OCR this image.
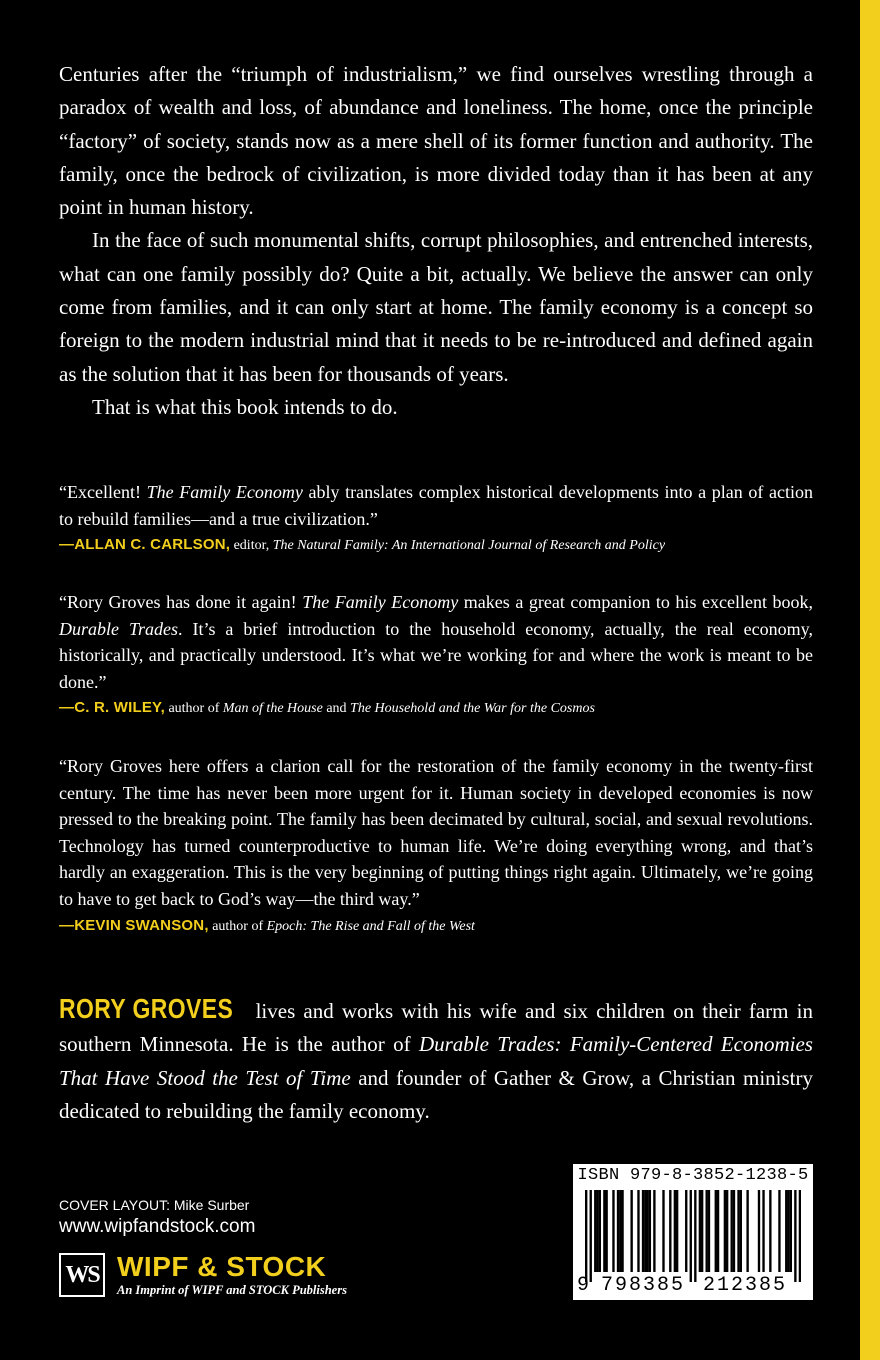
Centuries after the “triumph of industrialism,” we find ourselves wrestling through a paradox of wealth and loss, of abundance and loneliness. The home, once the principle “factory” of society, stands now as a mere shell of its former function and authority. The family, once the bedrock of civilization, is more divided today than it has been at any point in human history.

In the face of such monumental shifts, corrupt philosophies, and entrenched interests, what can one family possibly do? Quite a bit, actually. We believe the answer can only come from families, and it can only start at home. The family economy is a concept so foreign to the modern industrial mind that it needs to be re-introduced and defined again as the solution that it has been for thousands of years.

That is what this book intends to do.

“Excellent! The Family Economy ably translates complex historical developments into a plan of action to rebuild families—and a true civilization.”

—ALLAN C. CARLSON, editor, The Natural Family: An International Journal of Research and Policy

“Rory Groves has done it again! The Family Economy makes a great companion to his excellent book, Durable Trades. It’s a brief introduction to the household economy, actually, the real economy, historically, and practically understood. It’s what we’re working for and where the work is meant to be done.”

—C. R. WILEY, author of Man of the House and The Household and the War for the Cosmos

“Rory Groves here offers a clarion call for the restoration of the family economy in the twenty-first century. The time has never been more urgent for it. Human society in developed economies is now pressed to the breaking point. The family has been decimated by cultural, social, and sexual revolutions. Technology has turned counterproductive to human life. We’re doing everything wrong, and that’s hardly an exaggeration. This is the very beginning of putting things right again. Ultimately, we’re going to have to get back to God’s way—the third way.”

—KEVIN SWANSON, author of Epoch: The Rise and Fall of the West
RORY GROVES lives and works with his wife and six children on their farm in southern Minnesota. He is the author of Durable Trades: Family-Centered Economies That Have Stood the Test of Time and founder of Gather & Grow, a Christian ministry dedicated to rebuilding the family economy.
COVER LAYOUT: Mike Surber
www.wipfandstock.com
WS WIPF & STOCK
An Imprint of WIPF and STOCK Publishers
ISBN 979-8-3852-1238-5
9 798385 212385
